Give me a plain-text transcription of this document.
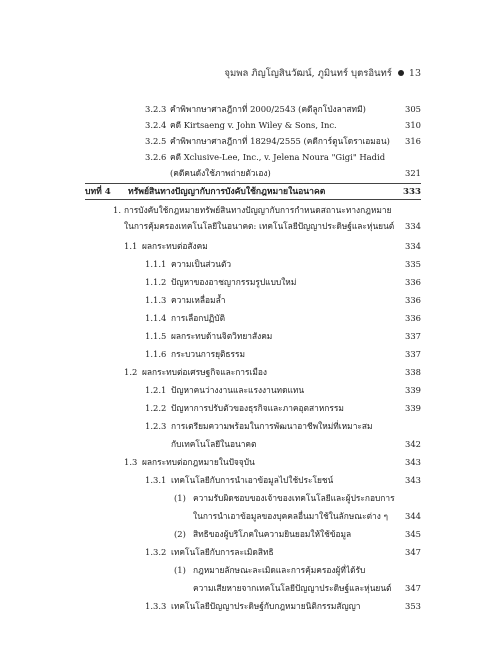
จุมพล ภิญโญสินวัฒน์, ภูมินทร์ บุตรอินทร์ 13
3.2.3 คำพิพากษาศาลฎีกาที่ 2000/2543 (คดีลูกโป่งลาสทมี)	305
3.2.4 คดี Kirtsaeng v. John Wiley & Sons, Inc.	310
3.2.5 คำพิพากษาศาลฎีกาที่ 18294/2555 (คดีการ์ตูนโดราเอมอน) 316
3.2.6 คดี Xclusive-Lee, Inc., v. Jelena Noura "Gigi" Hadid
(คดีคนดังใช้ภาพถ่ายตัวเอง)	321
บทที่ 4 ทรัพย์สินทางปัญญากับการบังคับใช้กฎหมายในอนาคต	333
1. การบังคับใช้กฎหมายทรัพย์สินทางปัญญากับการกำหนดสถานะทางกฎหมาย
ในการคุ้มครองเทคโนโลยีในอนาคต: เทคโนโลยีปัญญาประดิษฐ์และหุ่นยนต์ 334
1.1 ผลกระทบต่อสังคม	334
1.1.1 ความเป็นส่วนตัว	335
1.1.2 ปัญหาของอาชญากรรมรูปแบบใหม่	336
1.1.3 ความเหลื่อมล้ำ	336
1.1.4 การเลือกปฏิบัติ	336
1.1.5 ผลกระทบด้านจิตวิทยาสังคม	337
1.1.6 กระบวนการยุติธรรม	337
1.2 ผลกระทบต่อเศรษฐกิจและการเมือง	338
1.2.1 ปัญหาคนว่างงานและแรงงานทดแทน	339
1.2.2 ปัญหาการปรับตัวของธุรกิจและภาคอุตสาหกรรม	339
1.2.3 การเตรียมความพร้อมในการพัฒนาอาชีพใหม่ที่เหมาะสม
กับเทคโนโลยีในอนาคต	342
1.3 ผลกระทบต่อกฎหมายในปัจจุบัน	343
1.3.1 เทคโนโลยีกับการนำเอาข้อมูลไปใช้ประโยชน์	343
(1) ความรับผิดชอบของเจ้าของเทคโนโลยีและผู้ประกอบการ
ในการนำเอาข้อมูลของบุคคลอื่นมาใช้ในลักษณะต่าง ๆ 344
(2) สิทธิของผู้บริโภคในความยินยอมให้ใช้ข้อมูล	345
1.3.2 เทคโนโลยีกับการละเมิดสิทธิ	347
(1) กฎหมายลักษณะละเมิดและการคุ้มครองผู้ที่ได้รับ
ความเสียหายจากเทคโนโลยีปัญญาประดิษฐ์และหุ่นยนต์ 347
1.3.3 เทคโนโลยีปัญญาประดิษฐ์กับกฎหมายนิติกรรมสัญญา	353
